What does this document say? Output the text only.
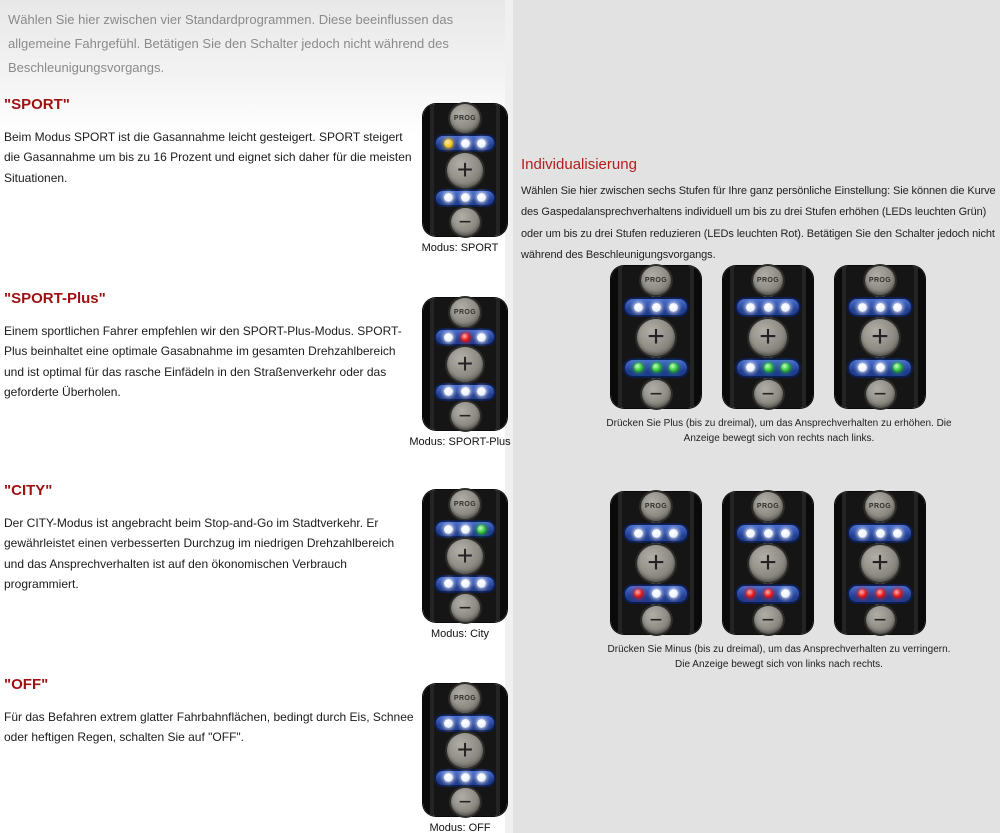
Individualisierung

Wählen Sie hier zwischen sechs Stufen für Ihre ganz persönliche Einstellung: Sie können die Kurve des Gaspedalansprechverhaltens individuell um bis zu drei Stufen erhöhen (LEDs leuchten Grün) oder um bis zu drei Stufen reduzieren (LEDs leuchten Rot). Betätigen Sie den Schalter jedoch nicht während des Beschleunigungsvorgangs.

PROG
+
−
PROG
+
−
PROG
+
−

Drücken Sie Plus (bis zu dreimal), um das Ansprechverhalten zu erhöhen. Die Anzeige bewegt sich von rechts nach links.

PROG
+
−
PROG
+
−
PROG
+
−

Drücken Sie Minus (bis zu dreimal), um das Ansprechverhalten zu verringern. Die Anzeige bewegt sich von links nach rechts.

Wählen Sie hier zwischen vier Standardprogrammen. Diese beeinflussen das allgemeine Fahrgefühl. Betätigen Sie den Schalter jedoch nicht während des Beschleunigungsvorgangs.

"SPORT"

Beim Modus SPORT ist die Gasannahme leicht gesteigert. SPORT steigert die Gasannahme um bis zu 16 Prozent und eignet sich daher für die meisten Situationen.

PROG
+
−

Modus: SPORT

"SPORT-Plus"

Einem sportlichen Fahrer empfehlen wir den SPORT-Plus-Modus. SPORT-Plus beinhaltet eine optimale Gasabnahme im gesamten Drehzahlbereich und ist optimal für das rasche Einfädeln in den Straßenverkehr oder das geforderte Überholen.

PROG
+
−

Modus: SPORT-Plus

"CITY"

Der CITY-Modus ist angebracht beim Stop-and-Go im Stadtverkehr. Er gewährleistet einen verbesserten Durchzug im niedrigen Drehzahlbereich und das Ansprechverhalten ist auf den ökonomischen Verbrauch programmiert.

PROG
+
−

Modus: City

"OFF"

Für das Befahren extrem glatter Fahrbahnflächen, bedingt durch Eis, Schnee oder heftigen Regen, schalten Sie auf "OFF".

PROG
+
−

Modus: OFF
